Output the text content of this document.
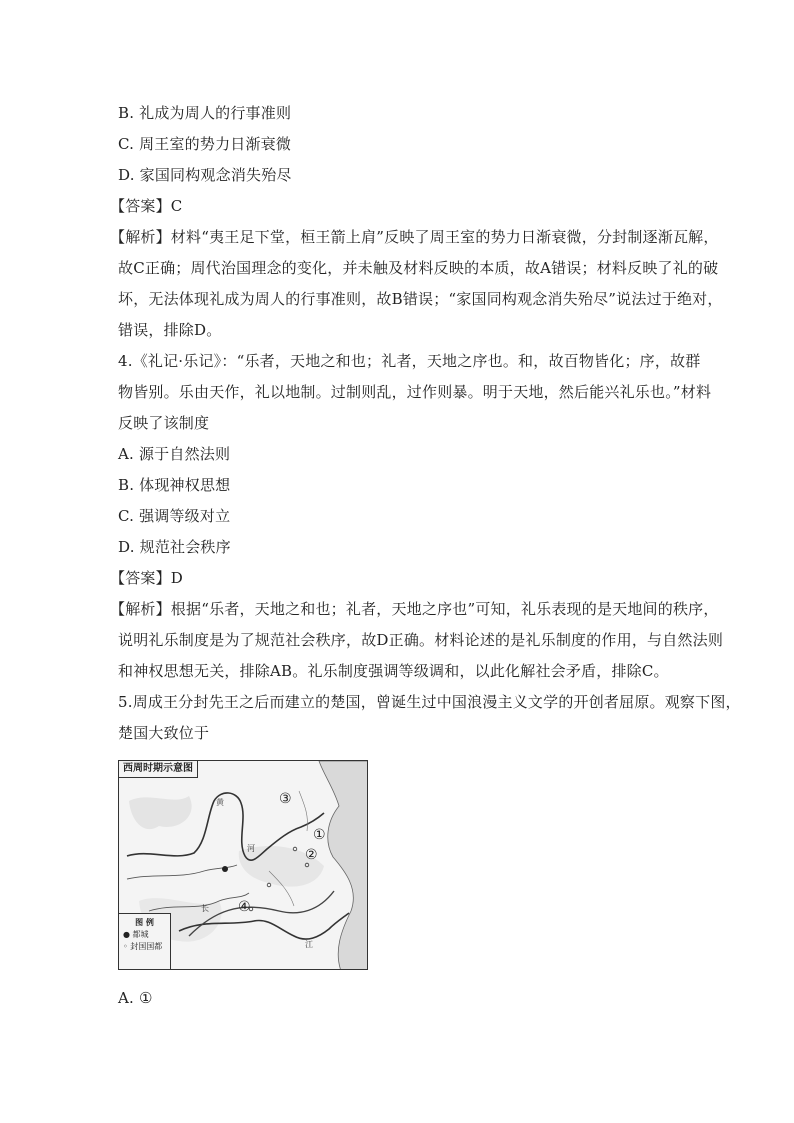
B. 礼成为周人的行事准则
C. 周王室的势力日渐衰微
D. 家国同构观念消失殆尽
【答案】C
【解析】材料“夷王足下堂，桓王箭上肩”反映了周王室的势力日渐衰微，分封制逐渐瓦解，
故C正确；周代治国理念的变化，并未触及材料反映的本质，故A错误；材料反映了礼的破
坏，无法体现礼成为周人的行事准则，故B错误；“家国同构观念消失殆尽”说法过于绝对，
错误，排除D。
4.《礼记·乐记》：“乐者，天地之和也；礼者，天地之序也。和，故百物皆化；序，故群
物皆别。乐由天作，礼以地制。过制则乱，过作则暴。明于天地，然后能兴礼乐也。”材料
反映了该制度
A. 源于自然法则
B. 体现神权思想
C. 强调等级对立
D. 规范社会秩序
【答案】D
【解析】根据“乐者，天地之和也；礼者，天地之序也”可知，礼乐表现的是天地间的秩序，
说明礼乐制度是为了规范社会秩序，故D正确。材料论述的是礼乐制度的作用，与自然法则
和神权思想无关，排除AB。礼乐制度强调等级调和，以此化解社会矛盾，排除C。
5.周成王分封先王之后而建立的楚国，曾诞生过中国浪漫主义文学的开创者屈原。观察下图，
楚国大致位于
西周时期示意图
③
①
②
④
黄
河
长
江
图 例
● 都城
◦ 封国国都
A. ①
